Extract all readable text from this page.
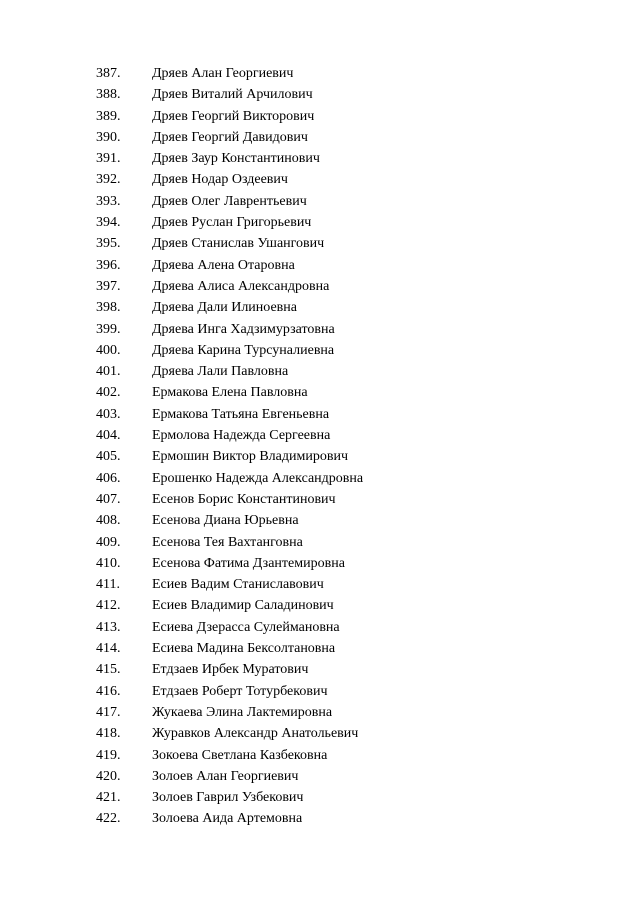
387.	Дряев Алан Георгиевич
388.	Дряев Виталий Арчилович
389.	Дряев Георгий Викторович
390.	Дряев Георгий Давидович
391.	Дряев Заур Константинович
392.	Дряев Нодар Оздеевич
393.	Дряев Олег Лаврентьевич
394.	Дряев Руслан Григорьевич
395.	Дряев Станислав Ушангович
396.	Дряева Алена Отаровна
397.	Дряева Алиса Александровна
398.	Дряева Дали Илиноевна
399.	Дряева Инга Хадзимурзатовна
400.	Дряева Карина Турсуналиевна
401.	Дряева Лали Павловна
402.	Ермакова Елена Павловна
403.	Ермакова Татьяна Евгеньевна
404.	Ермолова Надежда Сергеевна
405.	Ермошин Виктор Владимирович
406.	Ерошенко Надежда Александровна
407.	Есенов Борис Константинович
408.	Есенова Диана Юрьевна
409.	Есенова Тея Вахтанговна
410.	Есенова Фатима Дзантемировна
411.	Есиев Вадим Станиславович
412.	Есиев Владимир Саладинович
413.	Есиева Дзерасса Сулеймановна
414.	Есиева Мадина Бексолтановна
415.	Етдзаев Ирбек Муратович
416.	Етдзаев Роберт Тотурбекович
417.	Жукаева Элина Лактемировна
418.	Журавков Александр Анатольевич
419.	Зокоева Светлана Казбековна
420.	Золоев Алан Георгиевич
421.	Золоев Гаврил Узбекович
422.	Золоева Аида Артемовна
